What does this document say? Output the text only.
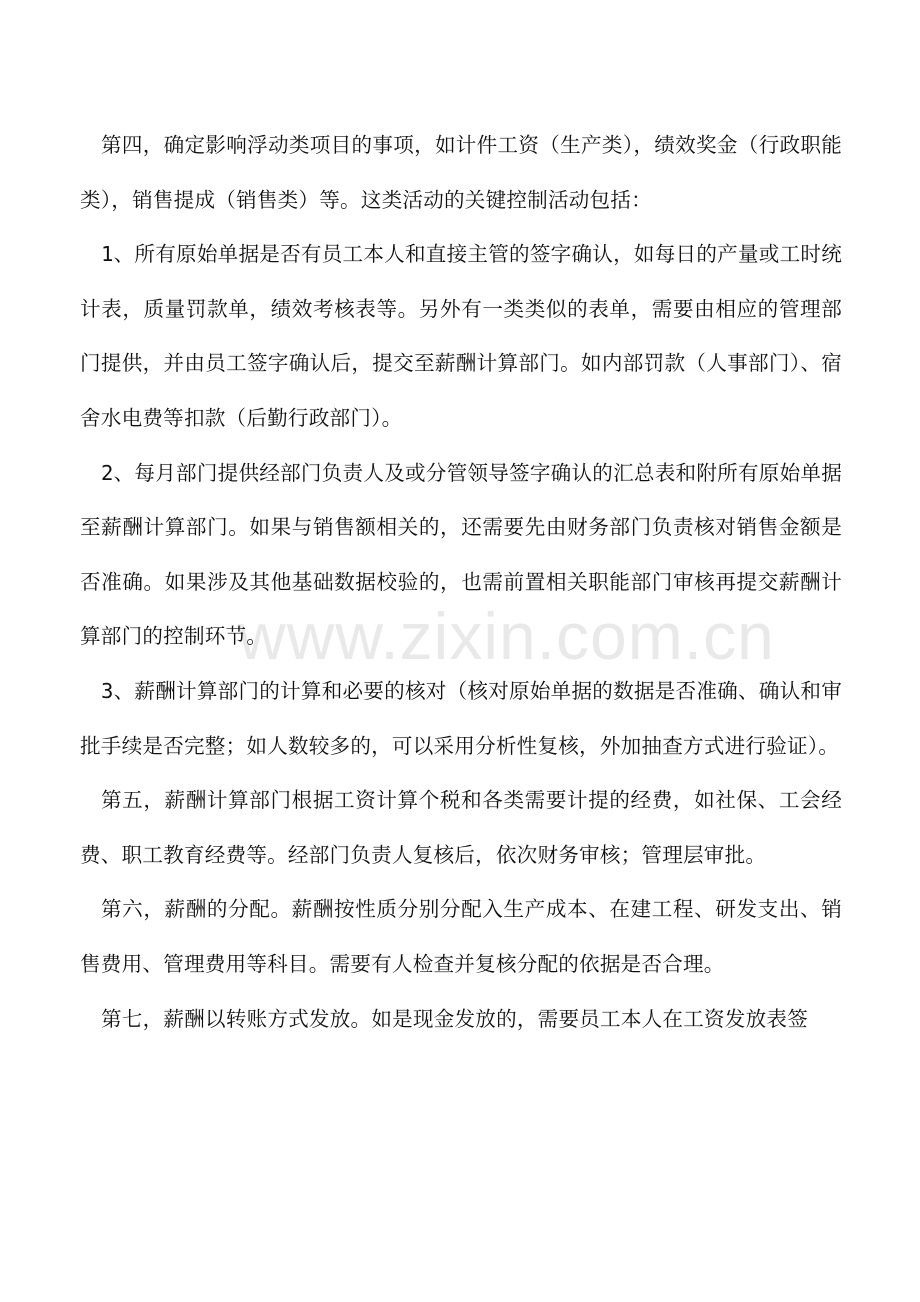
www.zixin.com.cn

第四，确定影响浮动类项目的事项，如计件工资（生产类），绩效奖金（行政职能类），销售提成（销售类）等。这类活动的关键控制活动包括：

1、所有原始单据是否有员工本人和直接主管的签字确认，如每日的产量或工时统计表，质量罚款单，绩效考核表等。另外有一类类似的表单，需要由相应的管理部门提供，并由员工签字确认后，提交至薪酬计算部门。如内部罚款（人事部门）、宿舍水电费等扣款（后勤行政部门）。

2、每月部门提供经部门负责人及或分管领导签字确认的汇总表和附所有原始单据至薪酬计算部门。如果与销售额相关的，还需要先由财务部门负责核对销售金额是否准确。如果涉及其他基础数据校验的，也需前置相关职能部门审核再提交薪酬计算部门的控制环节。

3、薪酬计算部门的计算和必要的核对（核对原始单据的数据是否准确、确认和审批手续是否完整；如人数较多的，可以采用分析性复核，外加抽查方式进行验证）。

第五，薪酬计算部门根据工资计算个税和各类需要计提的经费，如社保、工会经费、职工教育经费等。经部门负责人复核后，依次财务审核；管理层审批。

第六，薪酬的分配。薪酬按性质分别分配入生产成本、在建工程、研发支出、销售费用、管理费用等科目。需要有人检查并复核分配的依据是否合理。

第七，薪酬以转账方式发放。如是现金发放的，需要员工本人在工资发放表签
